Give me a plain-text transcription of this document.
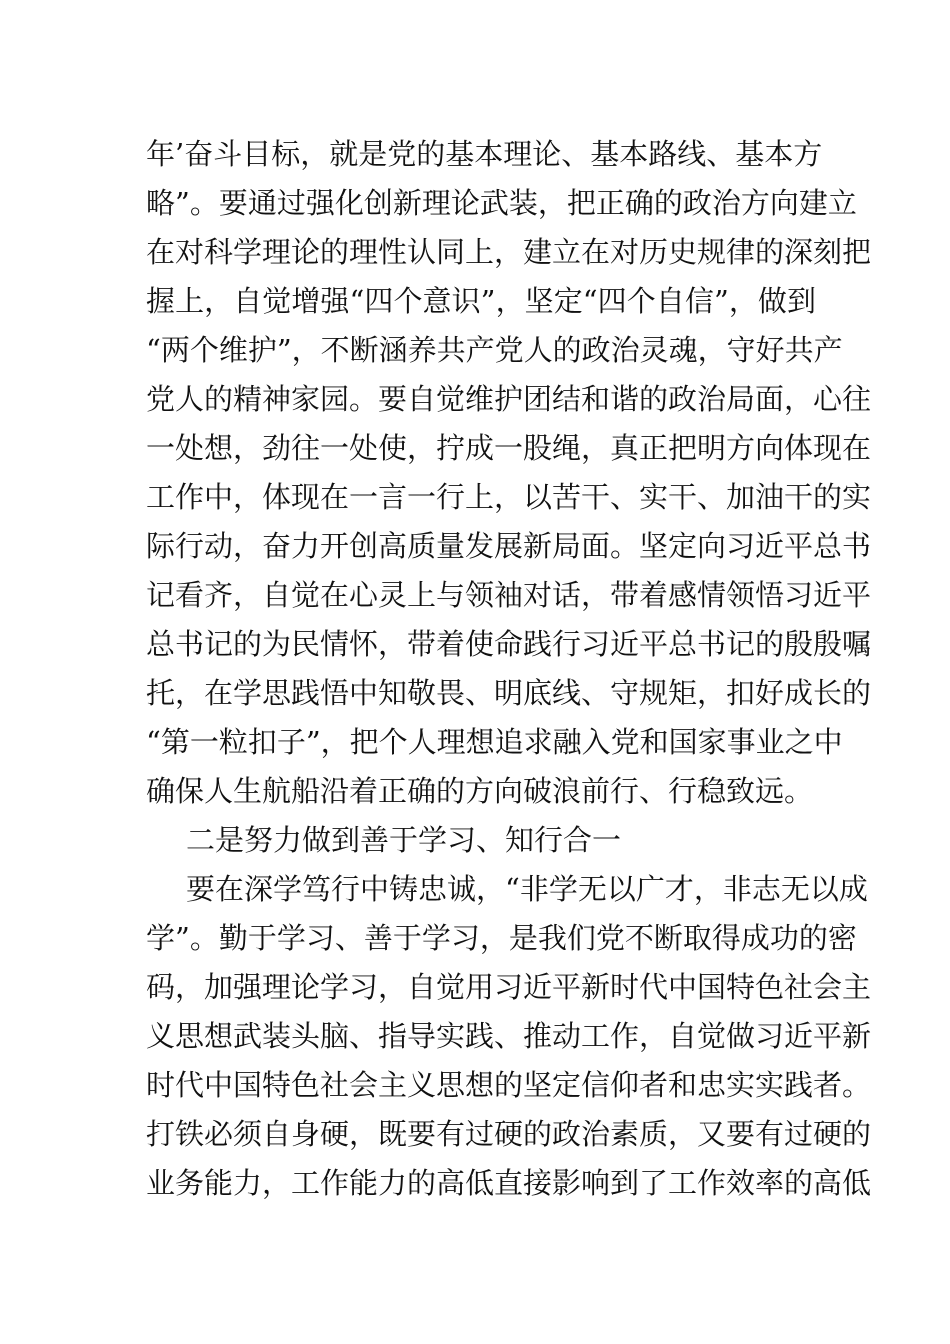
年’奋斗目标，就是党的基本理论、基本路线、基本方
略”。要通过强化创新理论武装，把正确的政治方向建立
在对科学理论的理性认同上，建立在对历史规律的深刻把
握上，自觉增强“四个意识”，坚定“四个自信”，做到
“两个维护”，不断涵养共产党人的政治灵魂，守好共产
党人的精神家园。要自觉维护团结和谐的政治局面，心往
一处想，劲往一处使，拧成一股绳，真正把明方向体现在
工作中，体现在一言一行上，以苦干、实干、加油干的实
际行动，奋力开创高质量发展新局面。坚定向习近平总书
记看齐，自觉在心灵上与领袖对话，带着感情领悟习近平
总书记的为民情怀，带着使命践行习近平总书记的殷殷嘱
托，在学思践悟中知敬畏、明底线、守规矩，扣好成长的
“第一粒扣子”，把个人理想追求融入党和国家事业之中
确保人生航船沿着正确的方向破浪前行、行稳致远。
二是努力做到善于学习、知行合一
要在深学笃行中铸忠诚，“非学无以广才，非志无以成
学”。勤于学习、善于学习，是我们党不断取得成功的密
码，加强理论学习，自觉用习近平新时代中国特色社会主
义思想武装头脑、指导实践、推动工作，自觉做习近平新
时代中国特色社会主义思想的坚定信仰者和忠实实践者。
打铁必须自身硬，既要有过硬的政治素质，又要有过硬的
业务能力，工作能力的高低直接影响到了工作效率的高低
